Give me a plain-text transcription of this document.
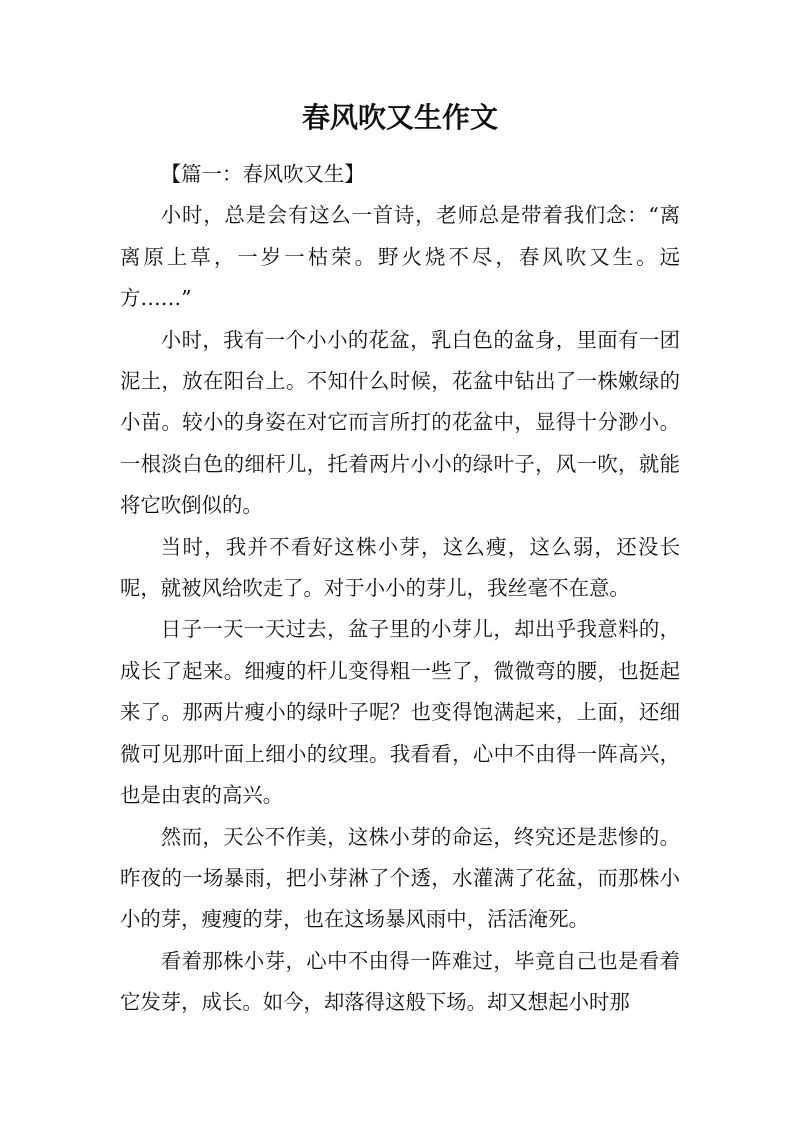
春风吹又生作文

【篇一：春风吹又生】

小时，总是会有这么一首诗，老师总是带着我们念：“离离原上草，一岁一枯荣。野火烧不尽，春风吹又生。远方……”

小时，我有一个小小的花盆，乳白色的盆身，里面有一团泥土，放在阳台上。不知什么时候，花盆中钻出了一株嫩绿的小苗。较小的身姿在对它而言所打的花盆中，显得十分渺小。一根淡白色的细杆儿，托着两片小小的绿叶子，风一吹，就能将它吹倒似的。

当时，我并不看好这株小芽，这么瘦，这么弱，还没长呢，就被风给吹走了。对于小小的芽儿，我丝毫不在意。

日子一天一天过去，盆子里的小芽儿，却出乎我意料的，成长了起来。细瘦的杆儿变得粗一些了，微微弯的腰，也挺起来了。那两片瘦小的绿叶子呢？也变得饱满起来，上面，还细微可见那叶面上细小的纹理。我看看，心中不由得一阵高兴，也是由衷的高兴。

然而，天公不作美，这株小芽的命运，终究还是悲惨的。昨夜的一场暴雨，把小芽淋了个透，水灌满了花盆，而那株小小的芽，瘦瘦的芽，也在这场暴风雨中，活活淹死。

看着那株小芽，心中不由得一阵难过，毕竟自己也是看着它发芽，成长。如今，却落得这般下场。却又想起小时那
